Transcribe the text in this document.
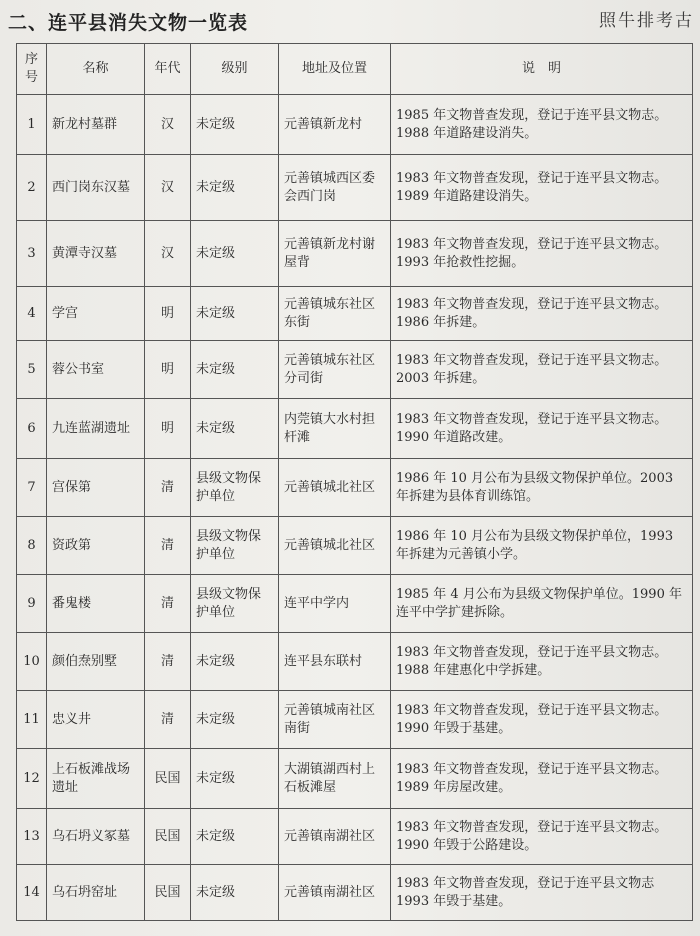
二、连平县消失文物一览表	照牛排考古
序号	名称	年代	级别	地址及位置	说　明
1	新龙村墓群	汉	未定级	元善镇新龙村	1985 年文物普查发现，登记于连平县文物志。1988 年道路建设消失。
2	西门岗东汉墓	汉	未定级	元善镇城西区委会西门岗	1983 年文物普查发现，登记于连平县文物志。1989 年道路建设消失。
3	黄潭寺汉墓	汉	未定级	元善镇新龙村谢屋背	1983 年文物普查发现，登记于连平县文物志。1993 年抢救性挖掘。
4	学宫	明	未定级	元善镇城东社区东街	1983 年文物普查发现，登记于连平县文物志。1986 年拆建。
5	蓉公书室	明	未定级	元善镇城东社区分司街	1983 年文物普查发现，登记于连平县文物志。2003 年拆建。
6	九连蓝湖遗址	明	未定级	内莞镇大水村担杆滩	1983 年文物普查发现，登记于连平县文物志。1990 年道路改建。
7	宫保第	清	县级文物保护单位	元善镇城北社区	1986 年 10 月公布为县级文物保护单位。2003 年拆建为县体育训练馆。
8	资政第	清	县级文物保护单位	元善镇城北社区	1986 年 10 月公布为县级文物保护单位，1993 年拆建为元善镇小学。
9	番鬼楼	清	县级文物保护单位	连平中学内	1985 年 4 月公布为县级文物保护单位。1990 年连平中学扩建拆除。
10	颜伯焘别墅	清	未定级	连平县东联村	1983 年文物普查发现，登记于连平县文物志。1988 年建惠化中学拆建。
11	忠义井	清	未定级	元善镇城南社区南街	1983 年文物普查发现，登记于连平县文物志。1990 年毁于基建。
12	上石板滩战场遗址	民国	未定级	大湖镇湖西村上石板滩屋	1983 年文物普查发现，登记于连平县文物志。1989 年房屋改建。
13	乌石坍义冢墓	民国	未定级	元善镇南湖社区	1983 年文物普查发现，登记于连平县文物志。1990 年毁于公路建设。
14	乌石坍窑址	民国	未定级	元善镇南湖社区	1983 年文物普查发现，登记于连平县文物志 1993 年毁于基建。
